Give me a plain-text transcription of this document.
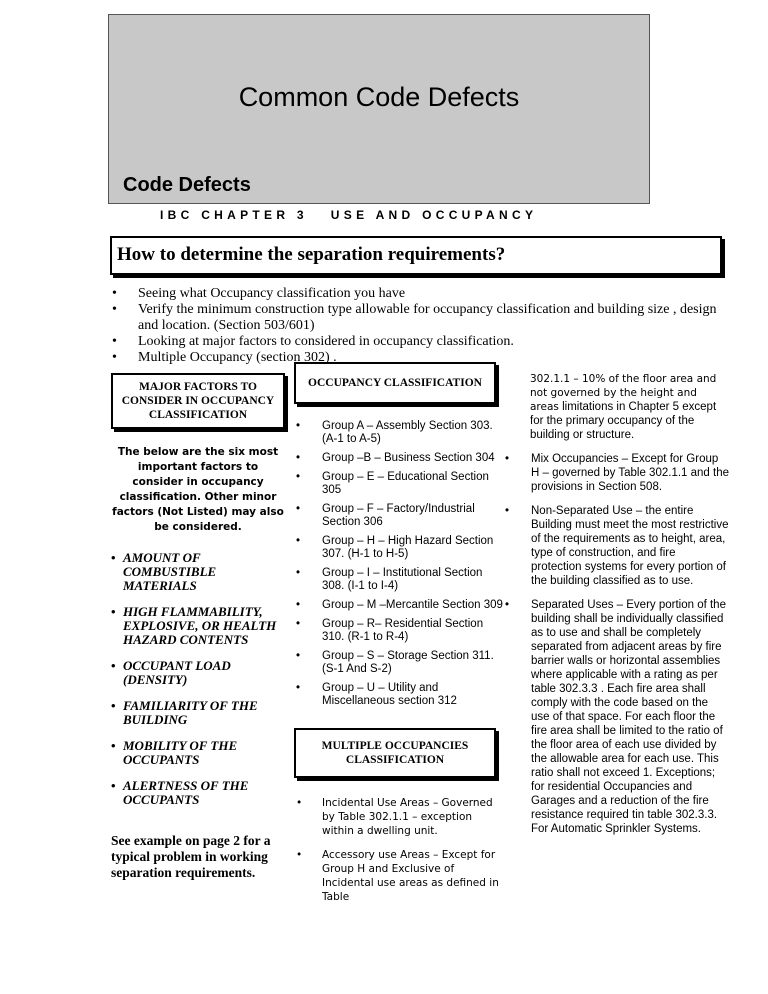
Common Code Defects
Code Defects
IBC CHAPTER 3   USE AND OCCUPANCY
How to determine the separation requirements?
• Seeing what Occupancy classification you have
• Verify the minimum construction type allowable for occupancy classification and building size , design and location. (Section 503/601)
• Looking at major factors to considered in occupancy classification.
• Multiple Occupancy (section 302) .
MAJOR FACTORS TO CONSIDER IN OCCUPANCY CLASSIFICATION
The below are the six most important factors to consider in occupancy classification. Other minor factors (Not Listed) may also be considered.
• AMOUNT OF COMBUSTIBLE MATERIALS
• HIGH FLAMMABILITY, EXPLOSIVE, OR HEALTH HAZARD CONTENTS
• OCCUPANT LOAD (DENSITY)
• FAMILIARITY OF THE BUILDING
• MOBILITY OF THE OCCUPANTS
• ALERTNESS OF THE OCCUPANTS
See example on page 2 for a typical problem in working separation requirements.
OCCUPANCY CLASSIFICATION
• Group A – Assembly Section 303. (A-1 to A-5)
• Group –B – Business Section 304
• Group – E – Educational Section 305
• Group – F – Factory/Industrial Section 306
• Group – H – High Hazard Section 307. (H-1 to H-5)
• Group – I – Institutional Section 308. (I-1 to I-4)
• Group – M –Mercantile Section 309
• Group – R– Residential Section 310. (R-1 to R-4)
• Group – S – Storage Section 311. (S-1 And S-2)
• Group – U – Utility and Miscellaneous section 312
MULTIPLE OCCUPANCIES CLASSIFICATION
• Incidental Use Areas – Governed by Table 302.1.1 – exception within a dwelling unit.
• Accessory use Areas – Except for Group H and Exclusive of Incidental use areas as defined in Table
302.1.1 – 10% of the floor area and not governed by the height and areas limitations in Chapter 5 except for the primary occupancy of the building or structure.
• Mix Occupancies – Except for Group H – governed by Table 302.1.1 and the provisions in Section 508.
• Non-Separated Use – the entire Building must meet the most restrictive of the requirements as to height, area, type of construction, and fire protection systems for every portion of the building classified as to use.
• Separated Uses – Every portion of the building shall be individually classified as to use and shall be completely separated from adjacent areas by fire barrier walls or horizontal assemblies where applicable with a rating as per table 302.3.3 . Each fire area shall comply with the code based on the use of that space. For each floor the fire area shall be limited to the ratio of the floor area of each use divided by the allowable area for each use. This ratio shall not exceed 1. Exceptions; for residential Occupancies and Garages and a reduction of the fire resistance required tin table 302.3.3. For Automatic Sprinkler Systems.
